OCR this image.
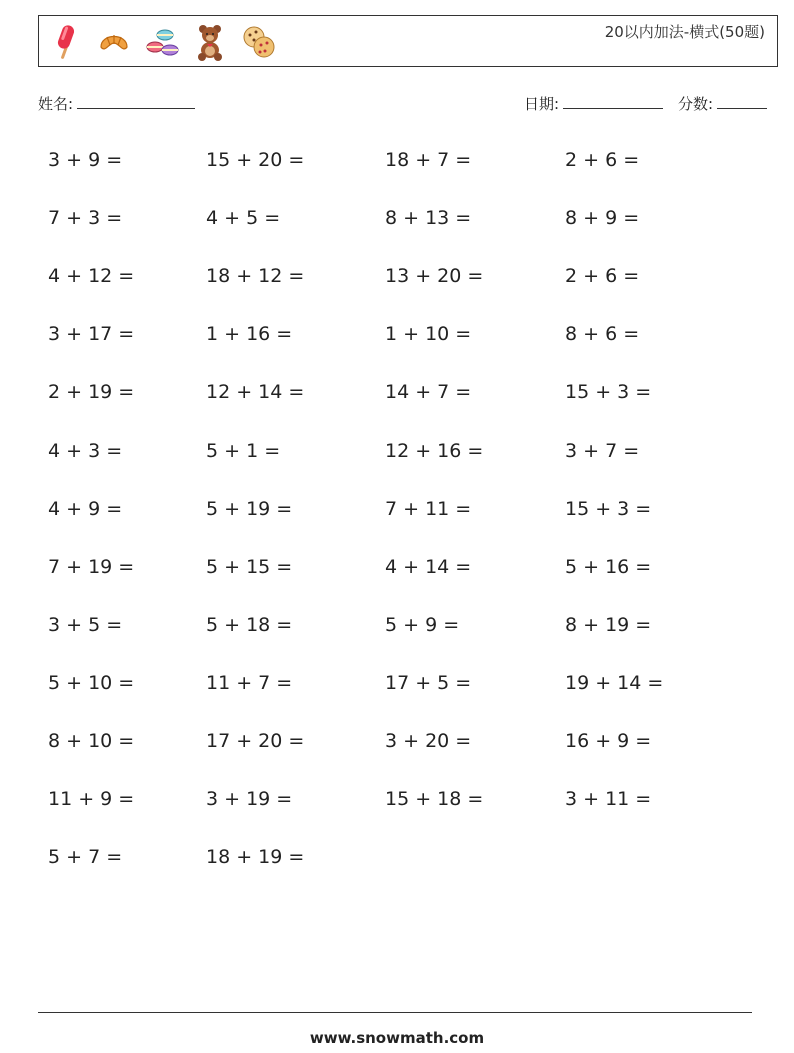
20以内加法-横式(50题)
姓名:	日期:	分数:
3 + 9 =	15 + 20 =	18 + 7 =	2 + 6 =
7 + 3 =	4 + 5 =	8 + 13 =	8 + 9 =
4 + 12 =	18 + 12 =	13 + 20 =	2 + 6 =
3 + 17 =	1 + 16 =	1 + 10 =	8 + 6 =
2 + 19 =	12 + 14 =	14 + 7 =	15 + 3 =
4 + 3 =	5 + 1 =	12 + 16 =	3 + 7 =
4 + 9 =	5 + 19 =	7 + 11 =	15 + 3 =
7 + 19 =	5 + 15 =	4 + 14 =	5 + 16 =
3 + 5 =	5 + 18 =	5 + 9 =	8 + 19 =
5 + 10 =	11 + 7 =	17 + 5 =	19 + 14 =
8 + 10 =	17 + 20 =	3 + 20 =	16 + 9 =
11 + 9 =	3 + 19 =	15 + 18 =	3 + 11 =
5 + 7 =	18 + 19 =
www.snowmath.com
